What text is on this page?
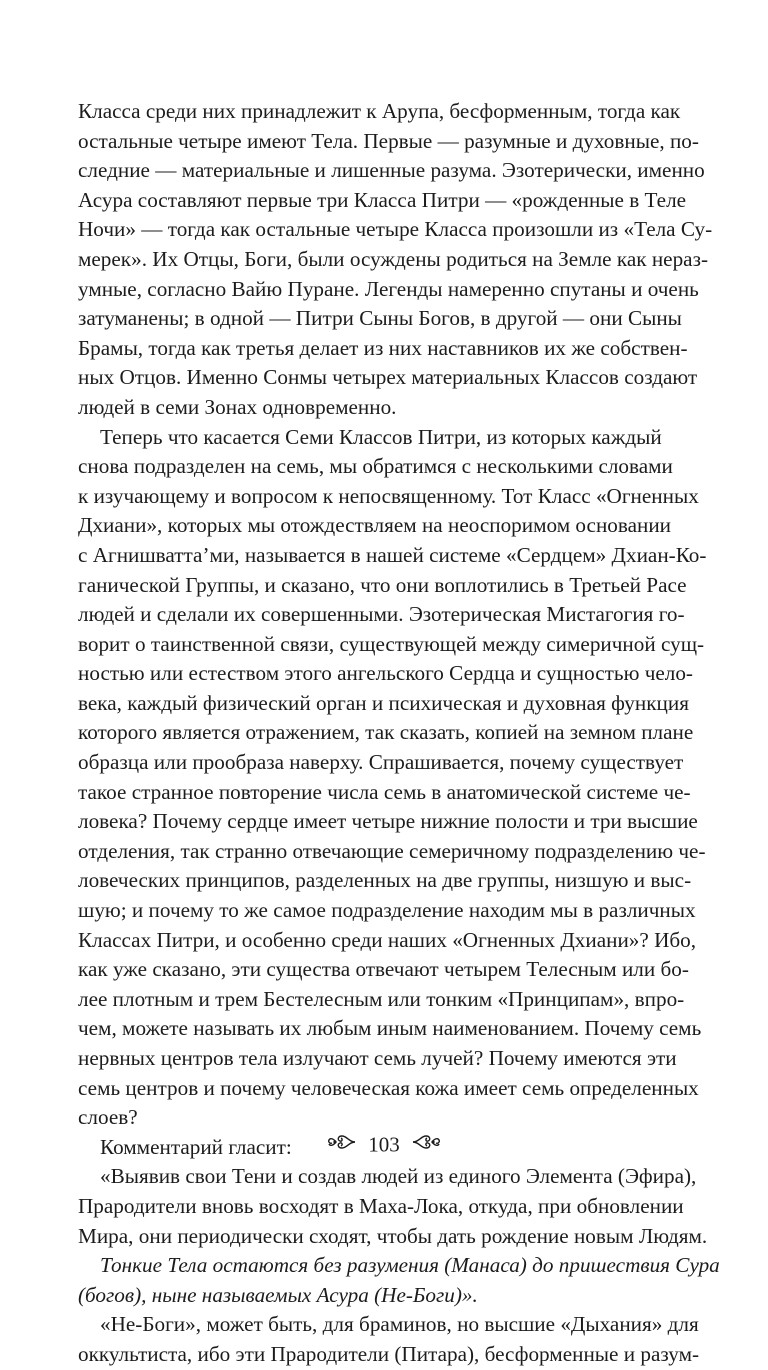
Класса среди них принадлежит к Арупа, бесформенным, тогда как
остальные четыре имеют Тела. Первые — разумные и духовные, по-
следние — материальные и лишенные разума. Эзотерически, именно
Асура составляют первые три Класса Питри — «рожденные в Теле
Ночи» — тогда как остальные четыре Класса произошли из «Тела Су-
мерек». Их Отцы, Боги, были осуждены родиться на Земле как нераз-
умные, согласно Вайю Пуране. Легенды намеренно спутаны и очень
затуманены; в одной — Питри Сыны Богов, в другой — они Сыны
Брамы, тогда как третья делает из них наставников их же собствен-
ных Отцов. Именно Сонмы четырех материальных Классов создают
людей в семи Зонах одновременно.
Теперь что касается Семи Классов Питри, из которых каждый
снова подразделен на семь, мы обратимся с несколькими словами
к изучающему и вопросом к непосвященному. Тот Класс «Огненных
Дхиани», которых мы отождествляем на неоспоримом основании
с Агнишватта’ми, называется в нашей системе «Сердцем» Дхиан-Ко-
ганической Группы, и сказано, что они воплотились в Третьей Расе
людей и сделали их совершенными. Эзотерическая Мистагогия го-
ворит о таинственной связи, существующей между симеричной сущ-
ностью или естеством этого ангельского Сердца и сущностью чело-
века, каждый физический орган и психическая и духовная функция
которого является отражением, так сказать, копией на земном плане
образца или прообраза наверху. Спрашивается, почему существует
такое странное повторение числа семь в анатомической системе че-
ловека? Почему сердце имеет четыре нижние полости и три высшие
отделения, так странно отвечающие семеричному подразделению че-
ловеческих принципов, разделенных на две группы, низшую и выс-
шую; и почему то же самое подразделение находим мы в различных
Классах Питри, и особенно среди наших «Огненных Дхиани»? Ибо,
как уже сказано, эти существа отвечают четырем Телесным или бо-
лее плотным и трем Бестелесным или тонким «Принципам», впро-
чем, можете называть их любым иным наименованием. Почему семь
нервных центров тела излучают семь лучей? Почему имеются эти
семь центров и почему человеческая кожа имеет семь определенных
слоев?
Комментарий гласит:
«Выявив свои Тени и создав людей из единого Элемента (Эфира),
Прародители вновь восходят в Маха-Лока, откуда, при обновлении
Мира, они периодически сходят, чтобы дать рождение новым Людям.
Тонкие Тела остаются без разумения (Манаса) до пришествия Сура
(богов), ныне называемых Асура (Не-Боги)».
«Не-Боги», может быть, для браминов, но высшие «Дыхания» для
оккультиста, ибо эти Прародители (Питара), бесформенные и разум-
103
